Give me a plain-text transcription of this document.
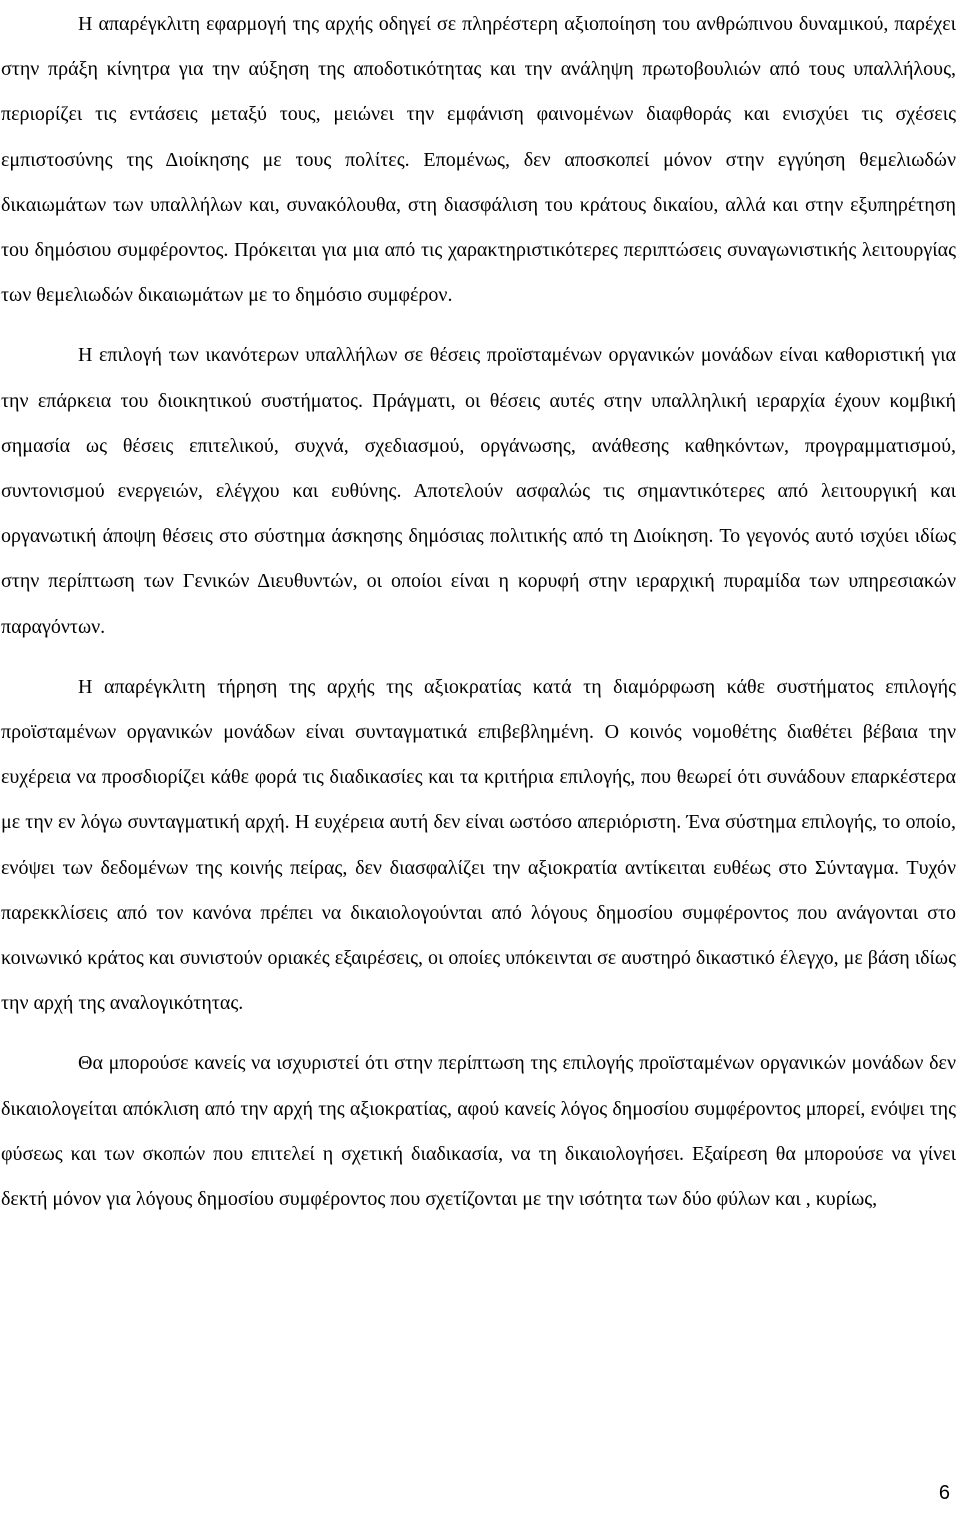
Η απαρέγκλιτη εφαρμογή της αρχής οδηγεί σε πληρέστερη αξιοποίηση του ανθρώπινου δυναμικού, παρέχει στην πράξη κίνητρα για την αύξηση της αποδοτικότητας και την ανάληψη πρωτοβουλιών από τους υπαλλήλους, περιορίζει τις εντάσεις μεταξύ τους, μειώνει την εμφάνιση φαινομένων διαφθοράς και ενισχύει τις σχέσεις εμπιστοσύνης της Διοίκησης με τους πολίτες. Επομένως, δεν αποσκοπεί μόνον στην εγγύηση θεμελιωδών δικαιωμάτων των υπαλλήλων και, συνακόλουθα, στη διασφάλιση του κράτους δικαίου, αλλά και στην εξυπηρέτηση του δημόσιου συμφέροντος. Πρόκειται για μια από τις χαρακτηριστικότερες περιπτώσεις συναγωνιστικής λειτουργίας των θεμελιωδών δικαιωμάτων με το δημόσιο συμφέρον.

Η επιλογή των ικανότερων υπαλλήλων σε θέσεις προϊσταμένων οργανικών μονάδων είναι καθοριστική για την επάρκεια του διοικητικού συστήματος. Πράγματι, οι θέσεις αυτές στην υπαλληλική ιεραρχία έχουν κομβική σημασία ως θέσεις επιτελικού, συχνά, σχεδιασμού, οργάνωσης, ανάθεσης καθηκόντων, προγραμματισμού, συντονισμού ενεργειών, ελέγχου και ευθύνης. Αποτελούν ασφαλώς τις σημαντικότερες από λειτουργική και οργανωτική άποψη θέσεις στο σύστημα άσκησης δημόσιας πολιτικής από τη Διοίκηση. Το γεγονός αυτό ισχύει ιδίως στην περίπτωση των Γενικών Διευθυντών, οι οποίοι είναι η κορυφή στην ιεραρχική πυραμίδα των υπηρεσιακών παραγόντων.

Η απαρέγκλιτη τήρηση της αρχής της αξιοκρατίας κατά τη διαμόρφωση κάθε συστήματος επιλογής προϊσταμένων οργανικών μονάδων είναι συνταγματικά επιβεβλημένη. Ο κοινός νομοθέτης διαθέτει βέβαια την ευχέρεια να προσδιορίζει κάθε φορά τις διαδικασίες και τα κριτήρια επιλογής, που θεωρεί ότι συνάδουν επαρκέστερα με την εν λόγω συνταγματική αρχή. Η ευχέρεια αυτή δεν είναι ωστόσο απεριόριστη. Ένα σύστημα επιλογής, το οποίο, ενόψει των δεδομένων της κοινής πείρας, δεν διασφαλίζει την αξιοκρατία αντίκειται ευθέως στο Σύνταγμα. Τυχόν παρεκκλίσεις από τον κανόνα πρέπει να δικαιολογούνται από λόγους δημοσίου συμφέροντος που ανάγονται στο κοινωνικό κράτος και συνιστούν οριακές εξαιρέσεις, οι οποίες υπόκεινται σε αυστηρό δικαστικό έλεγχο, με βάση ιδίως την αρχή της αναλογικότητας.

Θα μπορούσε κανείς να ισχυριστεί ότι στην περίπτωση της επιλογής προϊσταμένων οργανικών μονάδων δεν δικαιολογείται απόκλιση από την αρχή της αξιοκρατίας, αφού κανείς λόγος δημοσίου συμφέροντος μπορεί, ενόψει της φύσεως και των σκοπών που επιτελεί η σχετική διαδικασία, να τη δικαιολογήσει. Εξαίρεση θα μπορούσε να γίνει δεκτή μόνον για λόγους δημοσίου συμφέροντος που σχετίζονται με την ισότητα των δύο φύλων και , κυρίως,

6
